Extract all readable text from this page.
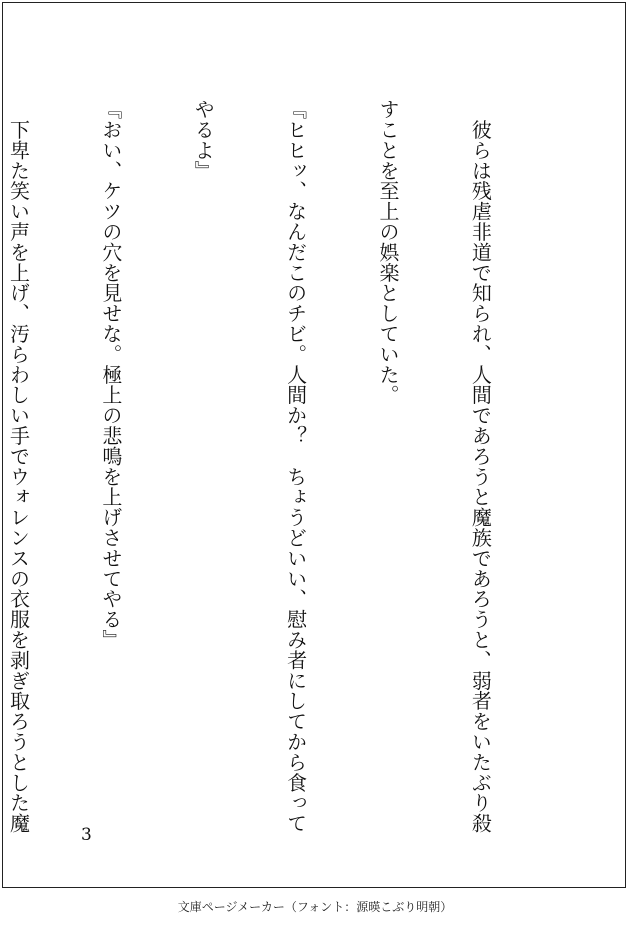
　彼らは残虐非道で知られ、人間であろうと魔族であろうと、弱者をいたぶり殺

すことを至上の娯楽としていた。

『ヒヒッ、なんだこのチビ。人間か？　ちょうどいい、慰み者にしてから食って

やるよ』

『おい、ケツの穴を見せな。極上の悲鳴を上げさせてやる』

　下卑た笑い声を上げ、汚らわしい手でウォレンスの衣服を剥ぎ取ろうとした魔

3
文庫ページメーカー（フォント：源暎こぶり明朝）
